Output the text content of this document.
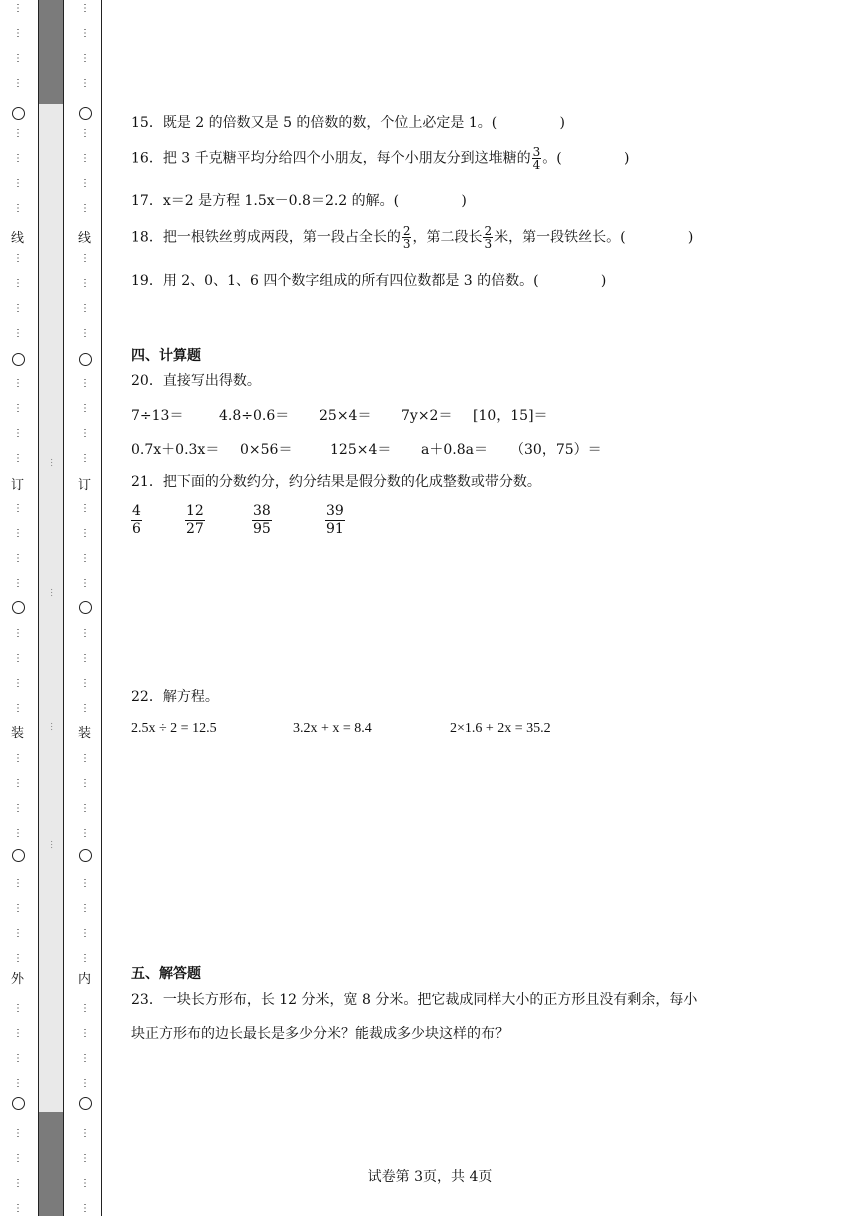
…
…
…
…
⋮	⋮
⋮	⋮
⋮	⋮
⋮	⋮
⋮	⋮
⋮	⋮
⋮	⋮
⋮	⋮
⋮	⋮
⋮	⋮
⋮	⋮
⋮	⋮
⋮	⋮
⋮	⋮
⋮	⋮
⋮	⋮
⋮	⋮
⋮	⋮
⋮	⋮
⋮	⋮
⋮	⋮
⋮	⋮
⋮	⋮
⋮	⋮
⋮	⋮
⋮	⋮
⋮	⋮
⋮	⋮
⋮	⋮
⋮	⋮
⋮	⋮
⋮	⋮
⋮	⋮
⋮	⋮
⋮	⋮
⋮	⋮
⋮	⋮
⋮	⋮
⋮	⋮
⋮	⋮
线	线
订	订
装	装
外	内
15．既是 2 的倍数又是 5 的倍数的数，个位上必定是 1。(              )
16．把 3 千克糖平均分给四个小朋友，每个小朋友分到这堆糖的 $\frac{3}{4}$ 。(              )
17．x＝2 是方程 1.5x－0.8＝2.2 的解。(              )
18．把一根铁丝剪成两段，第一段占全长的 $\frac{2}{3}$ ，第二段长 $\frac{2}{3}$ 米，第一段铁丝长。(              )
19．用 2、0、1、6 四个数字组成的所有四位数都是 3 的倍数。(              )
四、计算题
20．直接写出得数。
7÷13＝	4.8÷0.6＝ 25×4＝ 7y×2＝ [10，15]＝
0.7x＋0.3x＝ 0×56＝	125×4＝ a＋0.8a＝ （30，75）＝
21．把下面的分数约分，约分结果是假分数的化成整数或带分数。
4
6
12
27
38
95
39
91
22．解方程。
2.5x ÷ 2 = 12.5	3.2x + x = 8.4	2×1.6 + 2x = 35.2
五、解答题
23．一块长方形布，长 12 分米，宽 8 分米。把它裁成同样大小的正方形且没有剩余，每小
块正方形布的边长最长是多少分米？能裁成多少块这样的布？
试卷第 3页，共 4页
